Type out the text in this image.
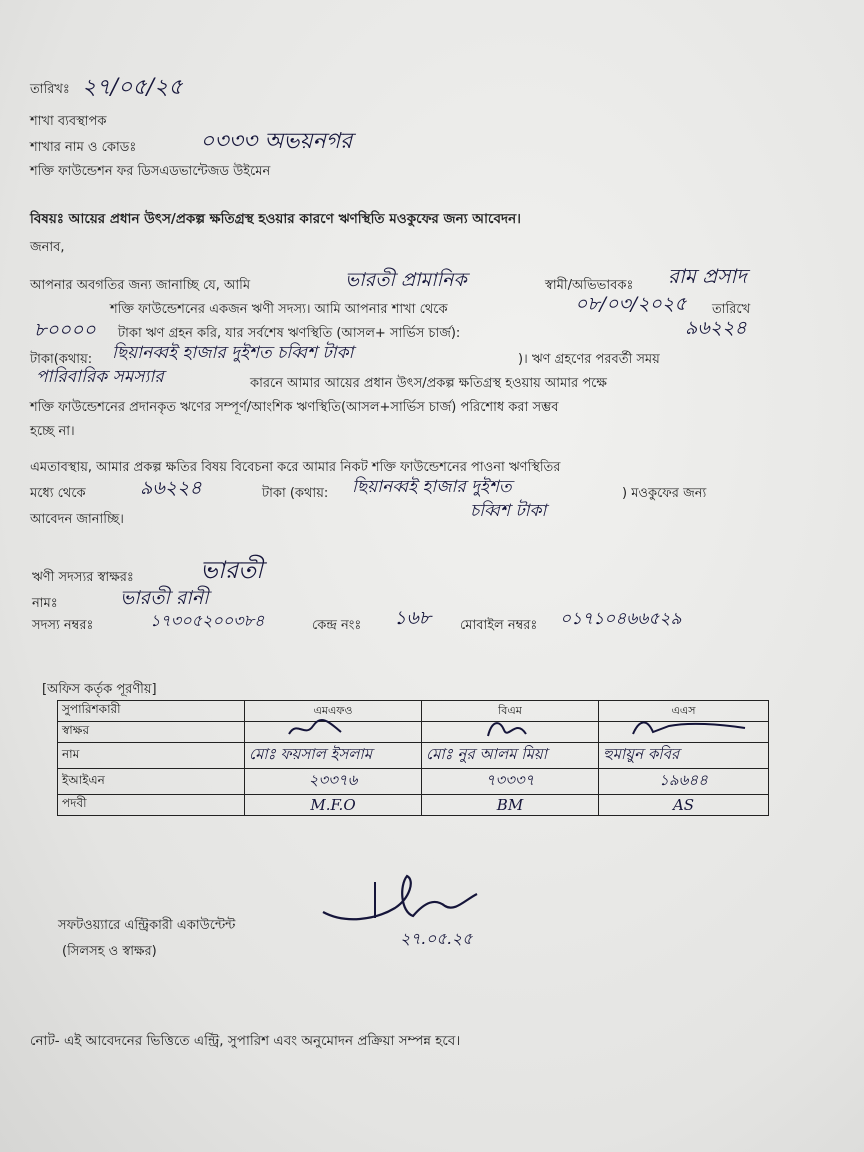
তারিখঃ ২৭/০৫/২৫
শাখা ব্যবস্থাপক
শাখার নাম ও কোডঃ	০৩৩৩ অভয়নগর
শক্তি ফাউন্ডেশন ফর ডিসএডভান্টেজড উইমেন
বিষয়ঃ আয়ের প্রধান উৎস/প্রকল্প ক্ষতিগ্রস্থ হওয়ার কারণে ঋণস্থিতি মওকুফের জন্য আবেদন।
জনাব,
আপনার অবগতির জন্য জানাচ্ছি যে, আমি	ভারতী প্রামানিক	স্বামী/অভিভাবকঃ রাম প্রসাদ
শক্তি ফাউন্ডেশনের একজন ঋণী সদস্য। আমি আপনার শাখা থেকে	০৮/০৩/২০২৫ তারিখে
৮০০০০ টাকা ঋণ গ্রহন করি, যার সর্বশেষ ঋণস্থিতি (আসল+ সার্ভিস চার্জ):	৯৬২২৪
টাকা(কথায়: ছিয়ানব্বই হাজার দুইশত চব্বিশ টাকা	)। ঋণ গ্রহণের পরবর্তী সময়
পারিবারিক সমস্যার	কারনে আমার আয়ের প্রধান উৎস/প্রকল্প ক্ষতিগ্রস্থ হওয়ায় আমার পক্ষে
শক্তি ফাউন্ডেশনের প্রদানকৃত ঋণের সম্পূর্ণ/আংশিক ঋণস্থিতি(আসল+সার্ভিস চার্জ) পরিশোধ করা সম্ভব
হচ্ছে না।
এমতাবস্থায়, আমার প্রকল্প ক্ষতির বিষয় বিবেচনা করে আমার নিকট শক্তি ফাউন্ডেশনের পাওনা ঋণস্থিতির
মধ্যে থেকে	৯৬২২৪	টাকা (কথায়: ছিয়ানব্বই হাজার দুইশত	) মওকুফের জন্য
চব্বিশ টাকা
আবেদন জানাচ্ছি।
ঋণী সদস্যর স্বাক্ষরঃ	ভারতী
নামঃ	ভারতী রানী
সদস্য নম্বরঃ	১৭৩০৫২০০৩৮৪	কেন্দ্র নংঃ ১৬৮ মোবাইল নম্বরঃ ০১৭১০৪৬৬৫২৯
[অফিস কর্তৃক পূরণীয়]
সুপারিশকারী	এমএফও	বিএম	এএস
স্বাক্ষর	

নাম	মোঃ ফয়সাল ইসলাম	মোঃ নুর আলম মিয়া	হুমায়ুন কবির
ইআইএন	২৩৩৭৬	৭৩৩৩৭	১৯৬৪৪
পদবী	M.F.O	BM	AS
সফটওয়্যারে এন্ট্রিকারী একাউন্টেন্ট
(সিলসহ ও স্বাক্ষর)
২৭.০৫.২৫
নোট- এই আবেদনের ভিত্তিতে এন্ট্রি, সুপারিশ এবং অনুমোদন প্রক্রিয়া সম্পন্ন হবে।
